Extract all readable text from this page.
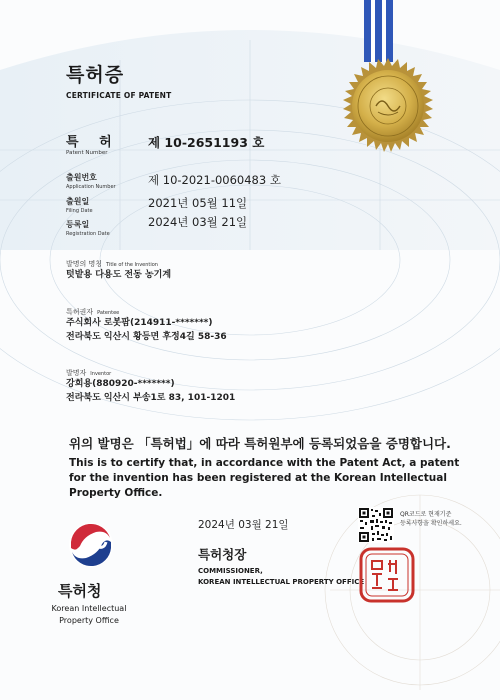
특허증
CERTIFICATE OF PATENT
특 허
Patent Number
제 10-2651193 호
출원번호
Application Number	제 10-2021-0060483 호
출원일
Filing Date
2021년 05월 11일
등록일
Registration Date
2024년 03월 21일
발명의 명칭 Title of the Invention
텃밭용 다용도 전동 농기계
특허권자 Patentee
주식회사 로봇팜(214911-*******)
전라북도 익산시 황등면 후정4길 58-36
발명자 Inventor
강희용(880920-*******)
전라북도 익산시 부송1로 83, 101-1201
위의 발명은 「특허법」에 따라 특허원부에 등록되었음을 증명합니다.
This is to certify that, in accordance with the Patent Act, a patent for the invention has been registered at the Korean Intellectual Property Office.
2024년 03월 21일
특허청장
COMMISSIONER,
KOREAN INTELLECTUAL PROPERTY OFFICE
QR코드로 현재기준
등록사항을 확인하세요.
특허청
Korean Intellectual
Property Office
